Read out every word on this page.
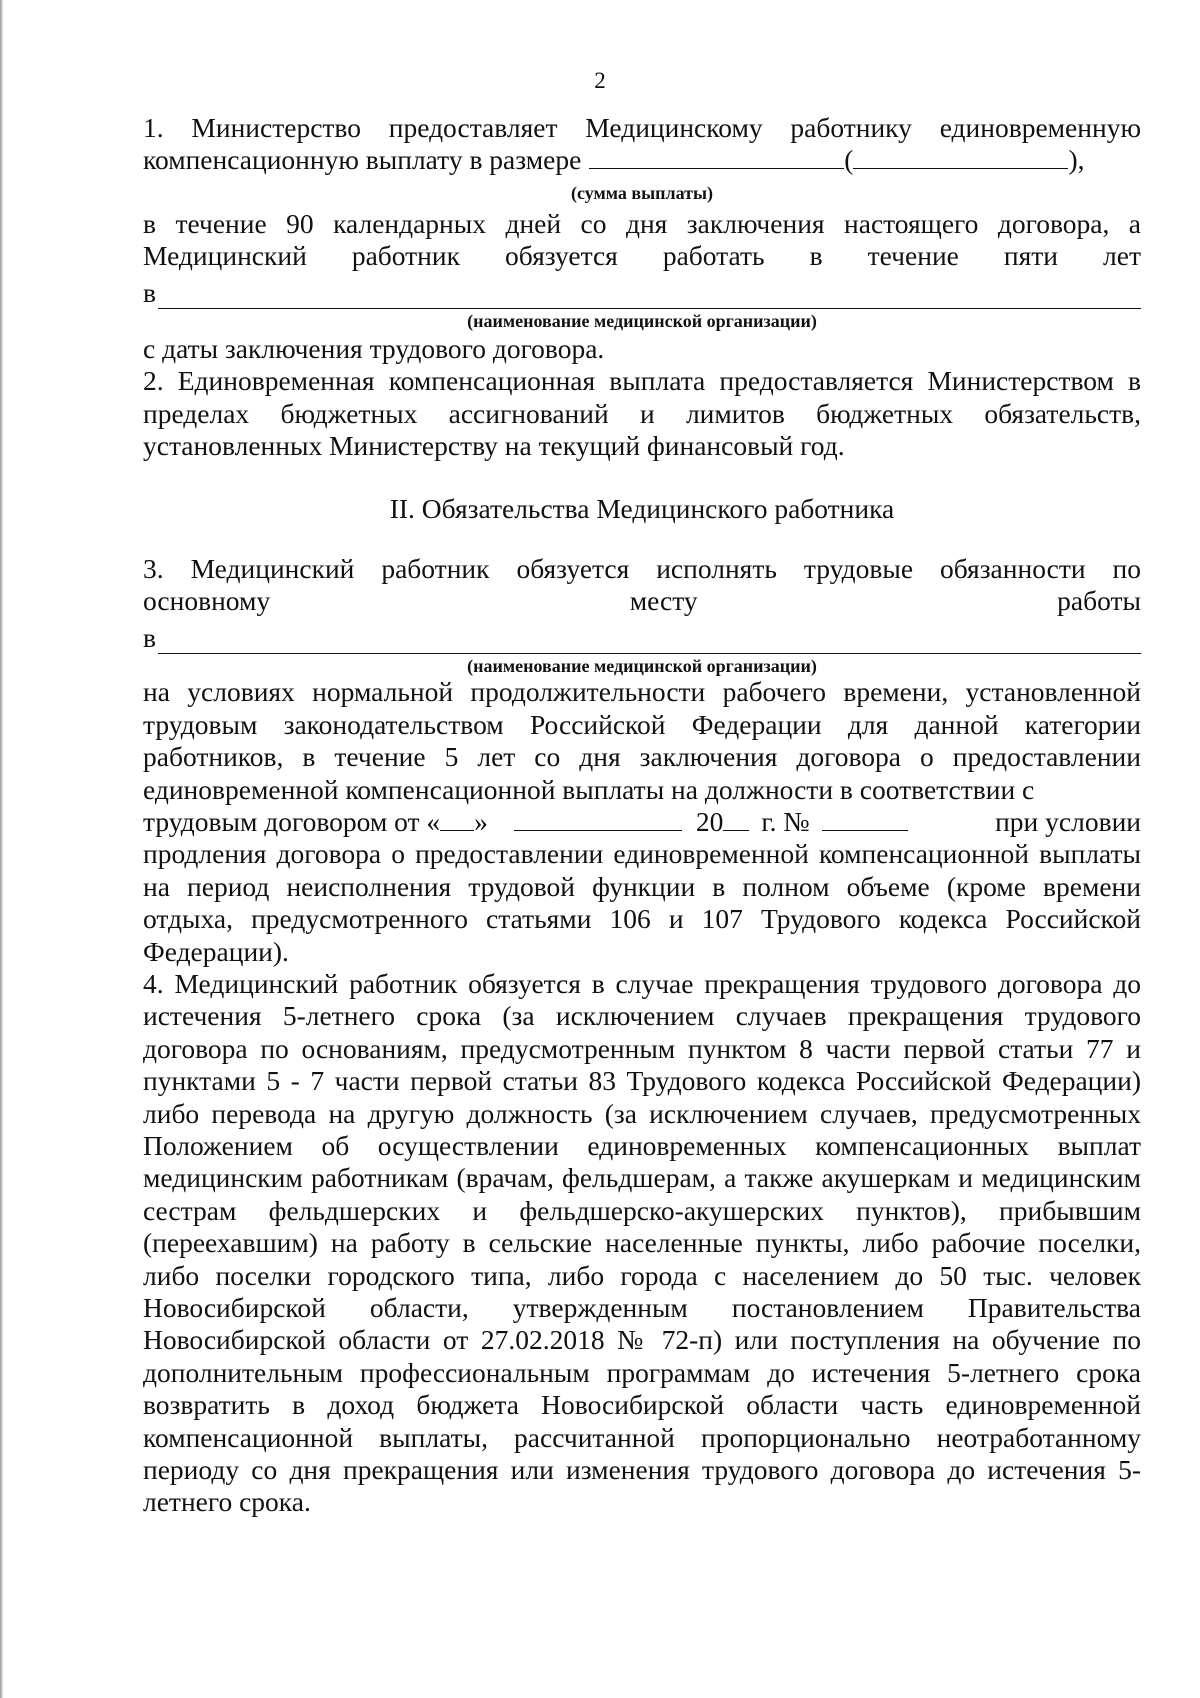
2

1. Министерство предоставляет Медицинскому работнику единовременную

компенсационную выплату в размере	(	),
(сумма выплаты)

в течение 90 календарных дней со дня заключения настоящего договора, а

Медицинский работник обязуется работать в течение пяти лет

в
(наименование медицинской организации)

с даты заключения трудового договора.

2. Единовременная компенсационная выплата предоставляется Министерством в пределах бюджетных ассигнований и лимитов бюджетных обязательств, установленных Министерству на текущий финансовый год.

II. Обязательства Медицинского работника

3. Медицинский работник обязуется исполнять трудовые обязанности по

основному месту работы

в
(наименование медицинской организации)

на условиях нормальной продолжительности рабочего времени, установленной трудовым законодательством Российской Федерации для данной категории работников, в течение 5 лет со дня заключения договора о предоставлении единовременной компенсационной выплаты на должности в соответствии с

трудовым договором от « »	20 г. №	при условии

продления договора о предоставлении единовременной компенсационной выплаты на период неисполнения трудовой функции в полном объеме (кроме времени отдыха, предусмотренного статьями 106 и 107 Трудового кодекса Российской Федерации).

4. Медицинский работник обязуется в случае прекращения трудового договора до истечения 5-летнего срока (за исключением случаев прекращения трудового договора по основаниям, предусмотренным пунктом 8 части первой статьи 77 и пунктами 5 - 7 части первой статьи 83 Трудового кодекса Российской Федерации) либо перевода на другую должность (за исключением случаев, предусмотренных Положением об осуществлении единовременных компенсационных выплат медицинским работникам (врачам, фельдшерам, а также акушеркам и медицинским сестрам фельдшерских и фельдшерско-акушерских пунктов), прибывшим (переехавшим) на работу в сельские населенные пункты, либо рабочие поселки, либо поселки городского типа, либо города с населением до 50 тыс. человек Новосибирской области, утвержденным постановлением Правительства Новосибирской области от 27.02.2018 № 72-п) или поступления на обучение по дополнительным профессиональным программам до истечения 5-летнего срока возвратить в доход бюджета Новосибирской области часть единовременной компенсационной выплаты, рассчитанной пропорционально неотработанному периоду со дня прекращения или изменения трудового договора до истечения 5-летнего срока.
